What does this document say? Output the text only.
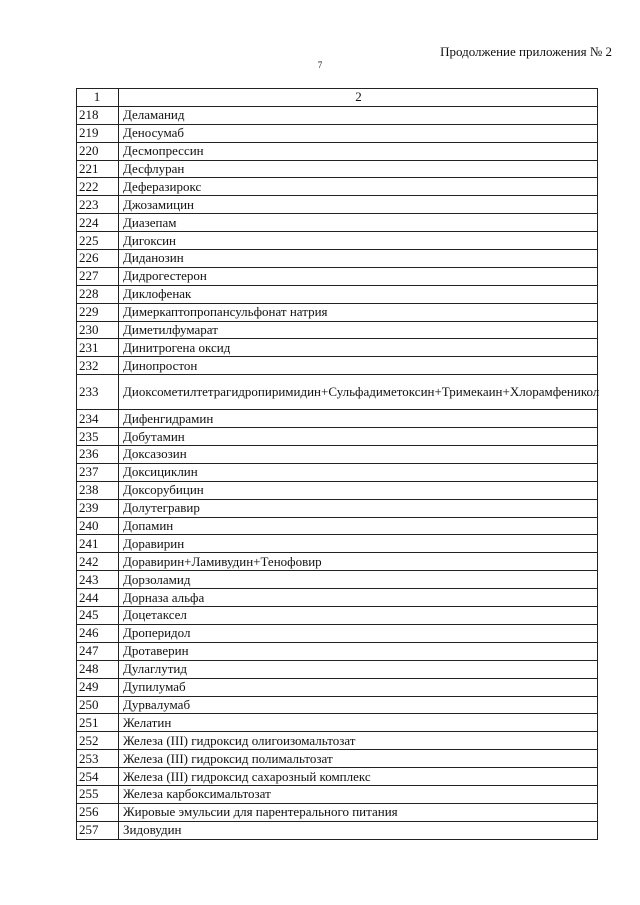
Продолжение приложения № 2
7
1	2
218	Деламанид
219	Деносумаб
220	Десмопрессин
221	Десфлуран
222	Деферазирокс
223	Джозамицин
224	Диазепам
225	Дигоксин
226	Диданозин
227	Дидрогестерон
228	Диклофенак
229	Димеркаптопропансульфонат натрия
230	Диметилфумарат
231	Динитрогена оксид
232	Динопростон
233	Диоксометилтетрагидропиримидин+Сульфадиметоксин+Тримекаин+Хлорамфеникол
234	Дифенгидрамин
235	Добутамин
236	Доксазозин
237	Доксициклин
238	Доксорубицин
239	Долутегравир
240	Допамин
241	Доравирин
242	Доравирин+Ламивудин+Тенофовир
243	Дорзоламид
244	Дорназа альфа
245	Доцетаксел
246	Дроперидол
247	Дротаверин
248	Дулаглутид
249	Дупилумаб
250	Дурвалумаб
251	Желатин
252	Железа (III) гидроксид олигоизомальтозат
253	Железа (III) гидроксид полимальтозат
254	Железа (III) гидроксид сахарозный комплекс
255	Железа карбоксимальтозат
256	Жировые эмульсии для парентерального питания
257	Зидовудин
